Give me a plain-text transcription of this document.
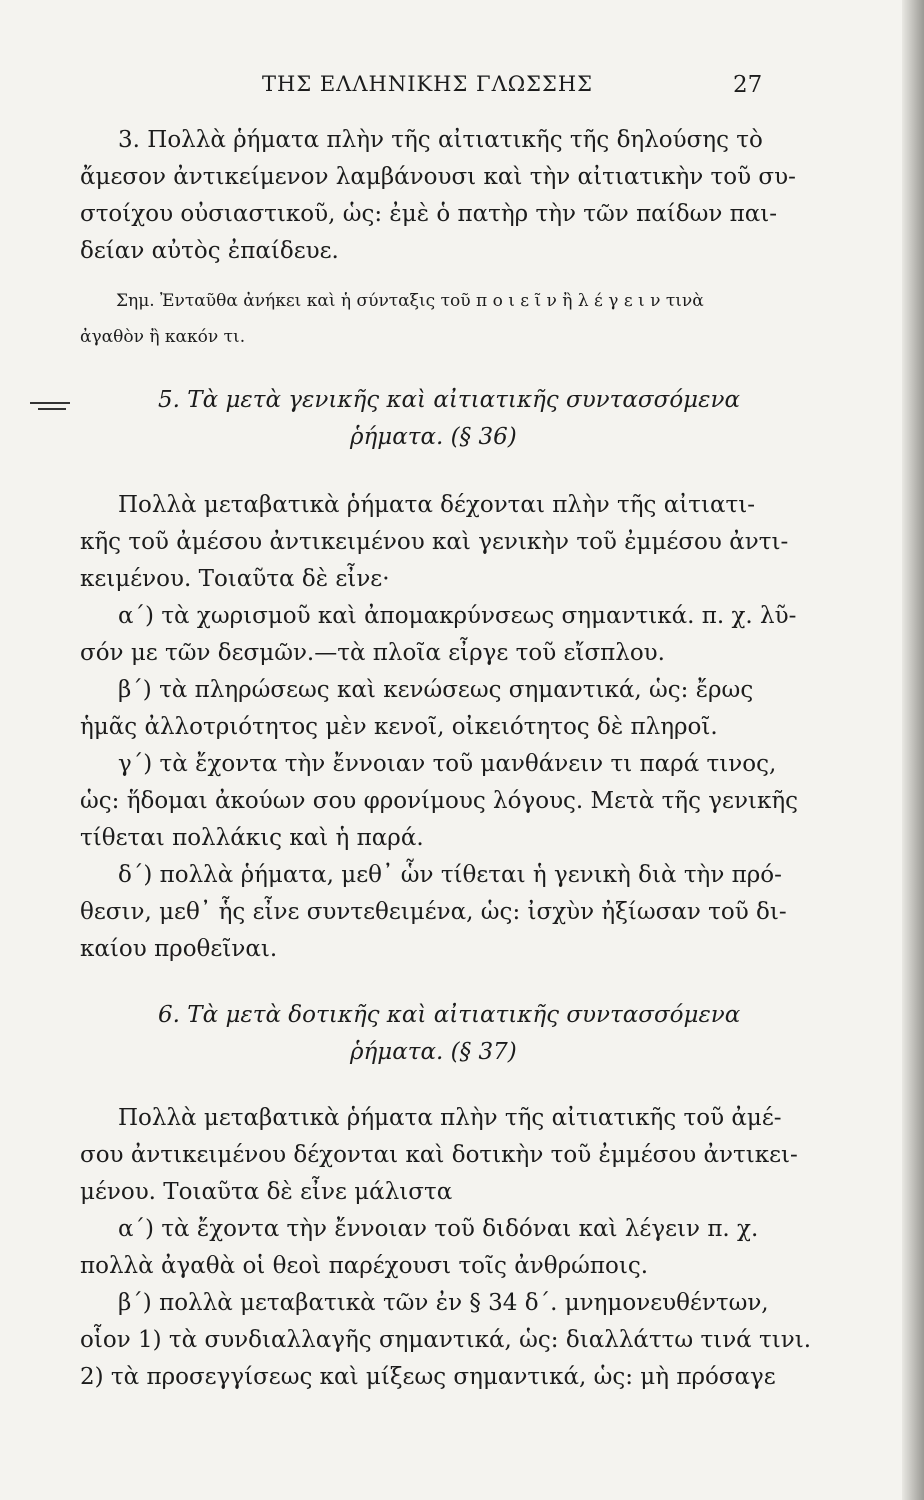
ΤΗΣ ΕΛΛΗΝΙΚΗΣ ΓΛΩΣΣΗΣ	27
3. Πολλὰ ῥήματα πλὴν τῆς αἰτιατικῆς τῆς δηλούσης τὸ
ἄμεσον ἀντικείμενον λαμβάνουσι καὶ τὴν αἰτιατικὴν τοῦ συ-
στοίχου οὐσιαστικοῦ, ὡς: ἐμὲ ὁ πατὴρ τὴν τῶν παίδων παι-
δείαν αὐτὸς ἐπαίδευε.
Σημ. Ἐνταῦθα ἀνήκει καὶ ἡ σύνταξις τοῦ π ο ι ε ῖ ν ἢ λ έ γ ε ι ν τινὰ
ἀγαθὸν ἢ κακόν τι.
5. Τὰ μετὰ γενικῆς καὶ αἰτιατικῆς συντασσόμενα
ῥήματα. (§ 36)
Πολλὰ μεταβατικὰ ῥήματα δέχονται πλὴν τῆς αἰτιατι-
κῆς τοῦ ἀμέσου ἀντικειμένου καὶ γενικὴν τοῦ ἐμμέσου ἀντι-
κειμένου. Τοιαῦτα δὲ εἶνε·
α΄) τὰ χωρισμοῦ καὶ ἀπομακρύνσεως σημαντικά. π. χ. λῦ-
σόν με τῶν δεσμῶν.—τὰ πλοῖα εἶργε τοῦ εἴσπλου.
β΄) τὰ πληρώσεως καὶ κενώσεως σημαντικά, ὡς: ἔρως
ἡμᾶς ἀλλοτριότητος μὲν κενοῖ, οἰκειότητος δὲ πληροῖ.
γ΄) τὰ ἔχοντα τὴν ἔννοιαν τοῦ μανθάνειν τι παρά τινος,
ὡς: ἥδομαι ἀκούων σου φρονίμους λόγους. Μετὰ τῆς γενικῆς
τίθεται πολλάκις καὶ ἡ παρά.
δ΄) πολλὰ ῥήματα, μεθ᾽ ὧν τίθεται ἡ γενικὴ διὰ τὴν πρό-
θεσιν, μεθ᾽ ἧς εἶνε συντεθειμένα, ὡς: ἰσχὺν ἠξίωσαν τοῦ δι-
καίου προθεῖναι.
6. Τὰ μετὰ δοτικῆς καὶ αἰτιατικῆς συντασσόμενα
ῥήματα. (§ 37)
Πολλὰ μεταβατικὰ ῥήματα πλὴν τῆς αἰτιατικῆς τοῦ ἀμέ-
σου ἀντικειμένου δέχονται καὶ δοτικὴν τοῦ ἐμμέσου ἀντικει-
μένου. Τοιαῦτα δὲ εἶνε μάλιστα
α΄) τὰ ἔχοντα τὴν ἔννοιαν τοῦ διδόναι καὶ λέγειν π. χ.
πολλὰ ἀγαθὰ οἱ θεοὶ παρέχουσι τοῖς ἀνθρώποις.
β΄) πολλὰ μεταβατικὰ τῶν ἐν § 34 δ΄. μνημονευθέντων,
οἷον 1) τὰ συνδιαλλαγῆς σημαντικά, ὡς: διαλλάττω τινά τινι.
2) τὰ προσεγγίσεως καὶ μίξεως σημαντικά, ὡς: μὴ πρόσαγε
